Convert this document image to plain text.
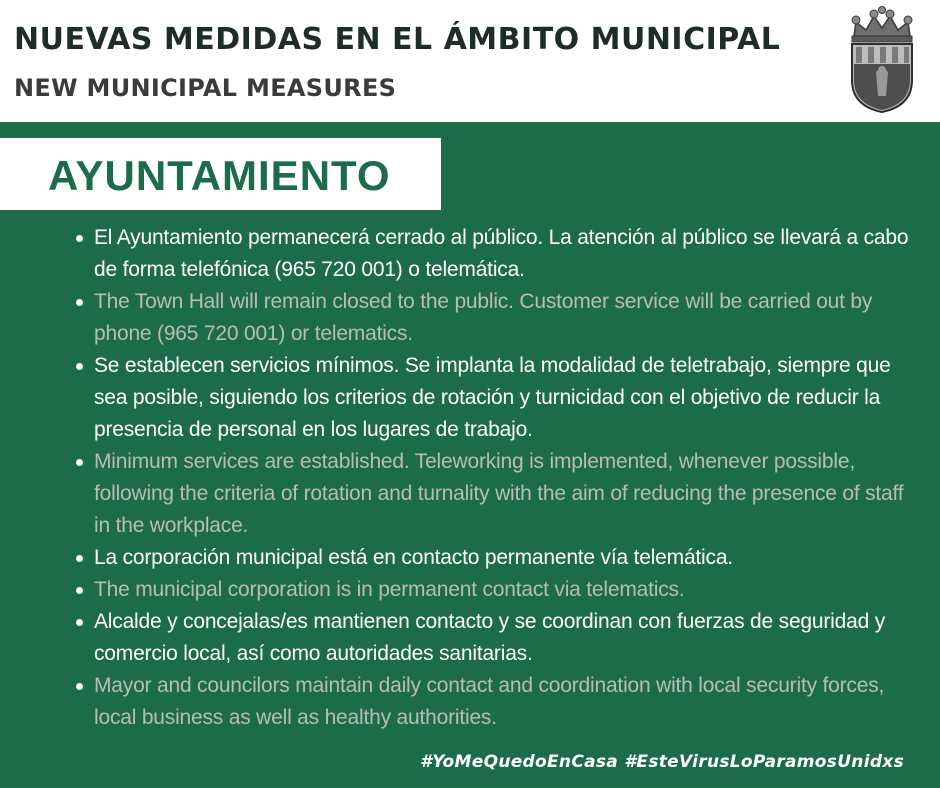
NUEVAS MEDIDAS EN EL ÁMBITO MUNICIPAL
NEW MUNICIPAL MEASURES
AYUNTAMIENTO
El Ayuntamiento permanecerá cerrado al público. La atención al público se llevará a cabo de forma telefónica (965 720 001) o telemática.
The Town Hall will remain closed to the public. Customer service will be carried out by phone (965 720 001) or telematics.
Se establecen servicios mínimos. Se implanta la modalidad de teletrabajo, siempre que sea posible, siguiendo los criterios de rotación y turnicidad con el objetivo de reducir la presencia de personal en los lugares de trabajo.
Minimum services are established. Teleworking is implemented, whenever possible, following the criteria of rotation and turnality with the aim of reducing the presence of staff in the workplace.
La corporación municipal está en contacto permanente vía telemática.
The municipal corporation is in permanent contact via telematics.
Alcalde y concejalas/es mantienen contacto y se coordinan con fuerzas de seguridad y comercio local, así como autoridades sanitarias.
Mayor and councilors maintain daily contact and coordination with local security forces, local business as well as healthy authorities.
#YoMeQuedoEnCasa #EsteVirusLoParamosUnidxs
